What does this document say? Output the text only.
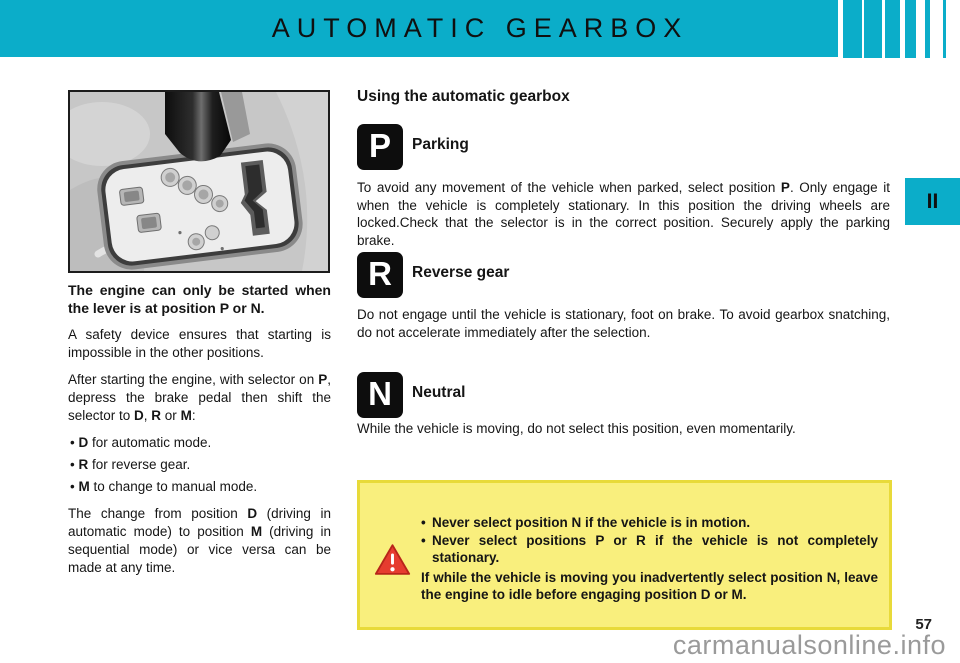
AUTOMATIC GEARBOX
II

The engine can only be started when the lever is at position P or N.

A safety device ensures that starting is impossible in the other positions.

After starting the engine, with selector on P, depress the brake pedal then shift the selector to D, R or M:

• D for automatic mode.
• R for reverse gear.
• M to change to manual mode.

The change from position D (driving in automatic mode) to position M (driving in sequential mode) or vice versa can be made at any time.

Using the automatic gearbox
P	Parking
To avoid any movement of the vehicle when parked, select position P. Only engage it when the vehicle is completely stationary. In this position the driving wheels are locked.Check that the selector is in the correct position. Securely apply the parking brake.
R	Reverse gear
Do not engage until the vehicle is stationary, foot on brake. To avoid gearbox snatching, do not accelerate immediately after the selection.
N	Neutral
While the vehicle is moving, do not select this position, even momentarily.
• Never select position N if the vehicle is in motion.
• Never select positions P or R if the vehicle is not completely stationary.
If while the vehicle is moving you inadvertently select position N, leave the engine to idle before engaging position D or M.
57
carmanualsonline.info
